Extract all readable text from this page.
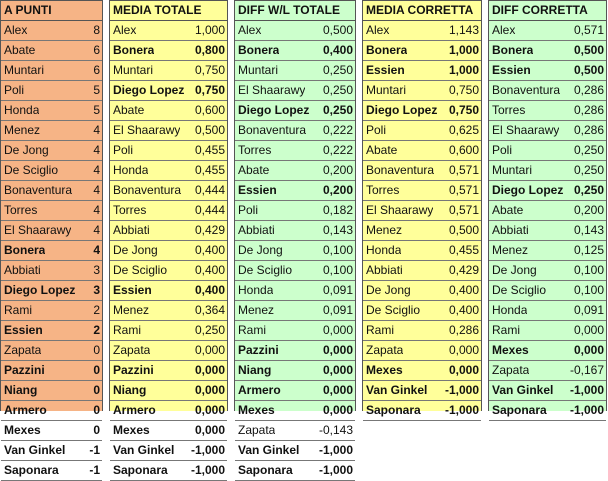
A PUNTI
Alex	8
Abate	6
Muntari	6
Poli	5
Honda	5
Menez	4
De Jong	4
De Sciglio	4
Bonaventura 4
Torres	4
El Shaarawy 4
Bonera	4
Abbiati	3
Diego Lopez 3
Rami	2
Essien	2
Zapata	0
Pazzini	0
Niang	0
Armero	0
Mexes	0
Van Ginkel -1
Saponara	-1
MEDIA TOTALE
Alex	1,000
Bonera	0,800
Muntari	0,750
Diego Lopez 0,750
Abate	0,600
El Shaarawy 0,500
Poli	0,455
Honda	0,455
Bonaventura 0,444
Torres	0,444
Abbiati	0,429
De Jong	0,400
De Sciglio 0,400
Essien	0,400
Menez	0,364
Rami	0,250
Zapata	0,000
Pazzini	0,000
Niang	0,000
Armero	0,000
Mexes	0,000
Van Ginkel -1,000
Saponara -1,000
DIFF W/L TOTALE
Alex	0,500
Bonera	0,400
Muntari	0,250
El Shaarawy 0,250
Diego Lopez 0,250
Bonaventura 0,222
Torres	0,222
Abate	0,200
Essien	0,200
Poli	0,182
Abbiati	0,143
De Jong	0,100
De Sciglio	0,100
Honda	0,091
Menez	0,091
Rami	0,000
Pazzini	0,000
Niang	0,000
Armero	0,000
Mexes	0,000
Zapata	-0,143
Van Ginkel -1,000
Saponara -1,000
MEDIA CORRETTA
Alex	1,143
Bonera	1,000
Essien	1,000
Muntari	0,750
Diego Lopez 0,750
Poli	0,625
Abate	0,600
Bonaventura 0,571
Torres	0,571
El Shaarawy 0,571
Menez	0,500
Honda	0,455
Abbiati	0,429
De Jong	0,400
De Sciglio 0,400
Rami	0,286
Zapata	0,000
Mexes	0,000
Van Ginkel -1,000
Saponara -1,000
DIFF CORRETTA
Alex	0,571
Bonera	0,500
Essien	0,500
Bonaventura 0,286
Torres	0,286
El Shaarawy 0,286
Poli	0,250
Muntari	0,250
Diego Lopez 0,250
Abate	0,200
Abbiati	0,143
Menez	0,125
De Jong	0,100
De Sciglio 0,100
Honda	0,091
Rami	0,000
Mexes	0,000
Zapata	-0,167
Van Ginkel -1,000
Saponara -1,000
